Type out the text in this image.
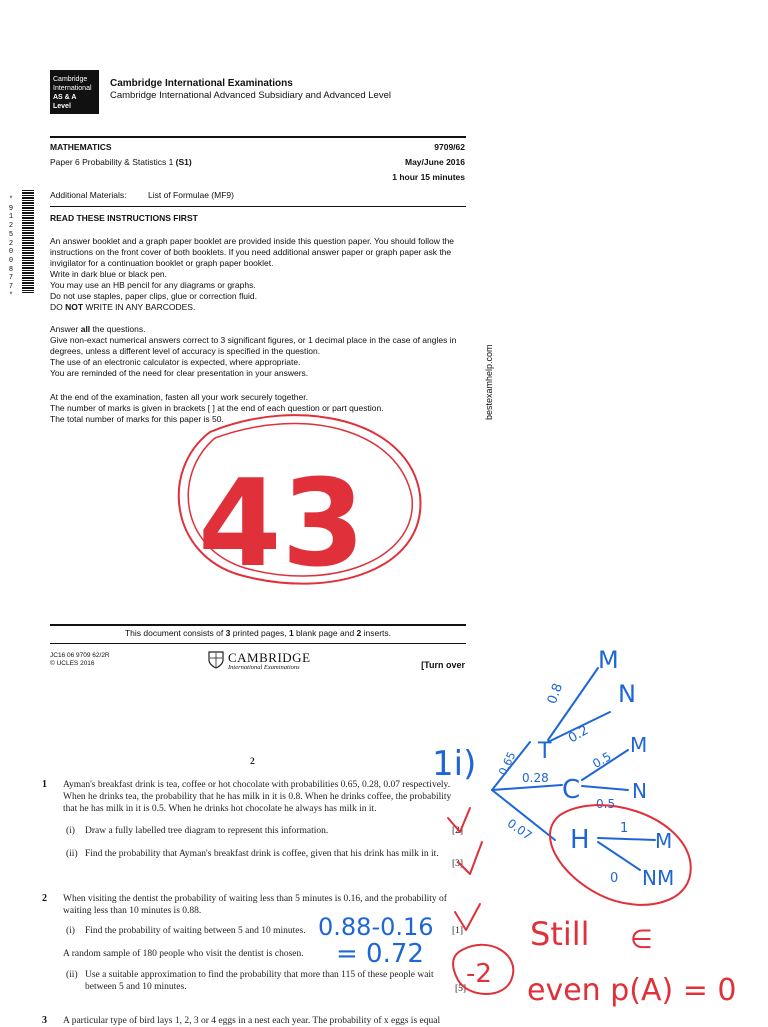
Cambridge
International
AS & A Level
Cambridge International Examinations
Cambridge International Advanced Subsidiary and Advanced Level
MATHEMATICS	9709/62
Paper 6 Probability & Statistics 1 (S1)	May/June 2016
1 hour 15 minutes
Additional Materials:	List of Formulae (MF9)
*
9
1
2
5
2
0
0
8
7
7
*
READ THESE INSTRUCTIONS FIRST
An answer booklet and a graph paper booklet are provided inside this question paper. You should follow the
instructions on the front cover of both booklets. If you need additional answer paper or graph paper ask the
invigilator for a continuation booklet or graph paper booklet.
Write in dark blue or black pen.
You may use an HB pencil for any diagrams or graphs.
Do not use staples, paper clips, glue or correction fluid.
DO NOT WRITE IN ANY BARCODES.
Answer all the questions.
Give non-exact numerical answers correct to 3 significant figures, or 1 decimal place in the case of angles in
degrees, unless a different level of accuracy is specified in the question.
The use of an electronic calculator is expected, where appropriate.
You are reminded of the need for clear presentation in your answers.
At the end of the examination, fasten all your work securely together.
The number of marks is given in brackets [ ] at the end of each question or part question.
The total number of marks for this paper is 50.	bestexamhelp.com
This document consists of 3 printed pages, 1 blank page and 2 inserts.
JC16 06 9709 62/2R
© UCLES 2016	CAMBRIDGE
International Examinations	[Turn over
2
1 Ayman's breakfast drink is tea, coffee or hot chocolate with probabilities 0.65, 0.28, 0.07 respectively.
When he drinks tea, the probability that he has milk in it is 0.8. When he drinks coffee, the probability
that he has milk in it is 0.5. When he drinks hot chocolate he always has milk in it.
(i) Draw a fully labelled tree diagram to represent this information.	[2]
(ii) Find the probability that Ayman's breakfast drink is coffee, given that his drink has milk in it.
[3]
2 When visiting the dentist the probability of waiting less than 5 minutes is 0.16, and the probability of
waiting less than 10 minutes is 0.88.
(i) Find the probability of waiting between 5 and 10 minutes.	[1]
A random sample of 180 people who visit the dentist is chosen.
(ii) Use a suitable approximation to find the probability that more than 115 of these people wait
between 5 and 10 minutes.	[5]
3 A particular type of bird lays 1, 2, 3 or 4 eggs in a nest each year. The probability of x eggs is equal
43
1i)	T
C
H
M
N
M
N
M
NM
0.8
0.2
0.65
0.28
0.5
0.5
0.07	1
0
0.88-0.16
= 0.72
-2
Still ∈
even p(A) = 0
